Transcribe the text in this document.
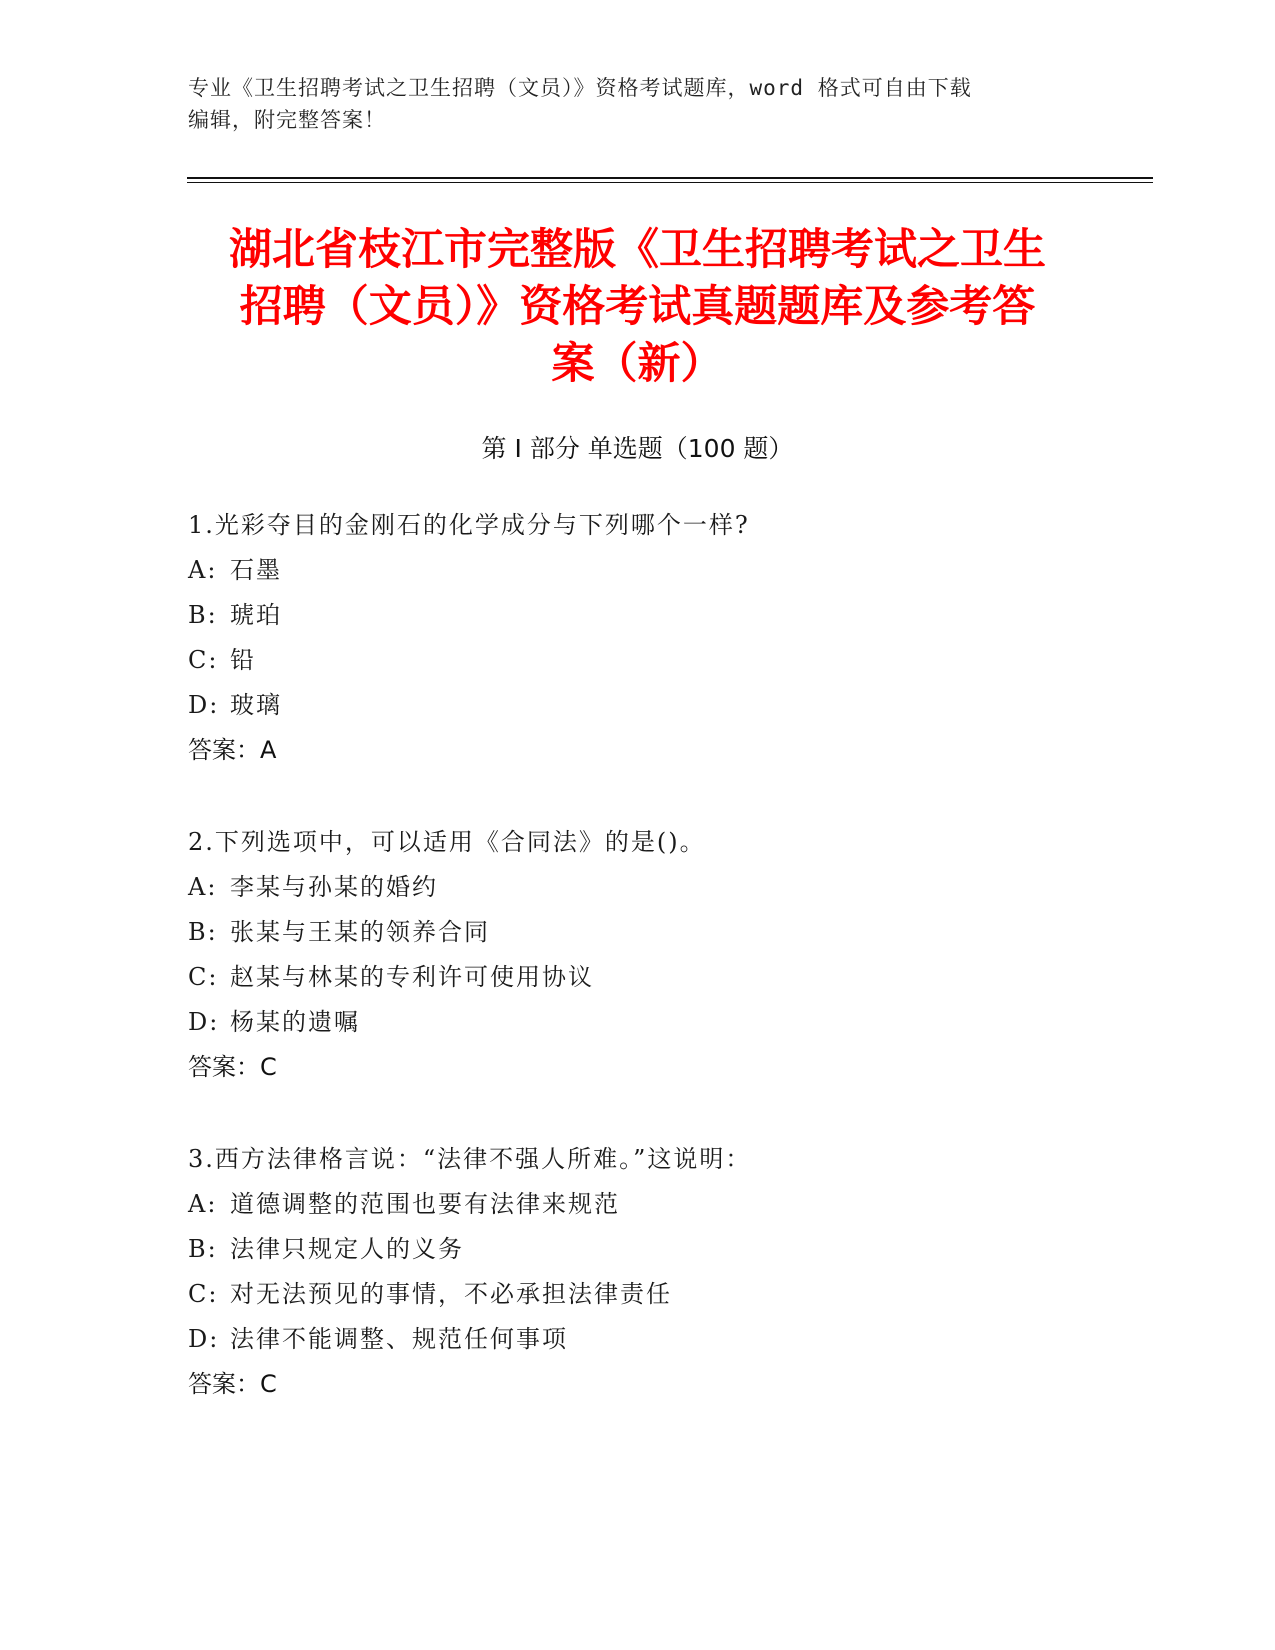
专业《卫生招聘考试之卫生招聘（文员）》资格考试题库，word 格式可自由下载
编辑，附完整答案！
湖北省枝江市完整版《卫生招聘考试之卫生
招聘（文员）》资格考试真题题库及参考答
案（新）
第 I 部分 单选题（100 题）
1.光彩夺目的金刚石的化学成分与下列哪个一样?
A: 石墨
B: 琥珀
C: 铅
D: 玻璃
答案：A
2.下列选项中，可以适用《合同法》的是()。
A: 李某与孙某的婚约
B: 张某与王某的领养合同
C: 赵某与林某的专利许可使用协议
D: 杨某的遗嘱
答案：C
3.西方法律格言说：“法律不强人所难。”这说明：
A: 道德调整的范围也要有法律来规范
B: 法律只规定人的义务
C: 对无法预见的事情，不必承担法律责任
D: 法律不能调整、规范任何事项
答案：C
